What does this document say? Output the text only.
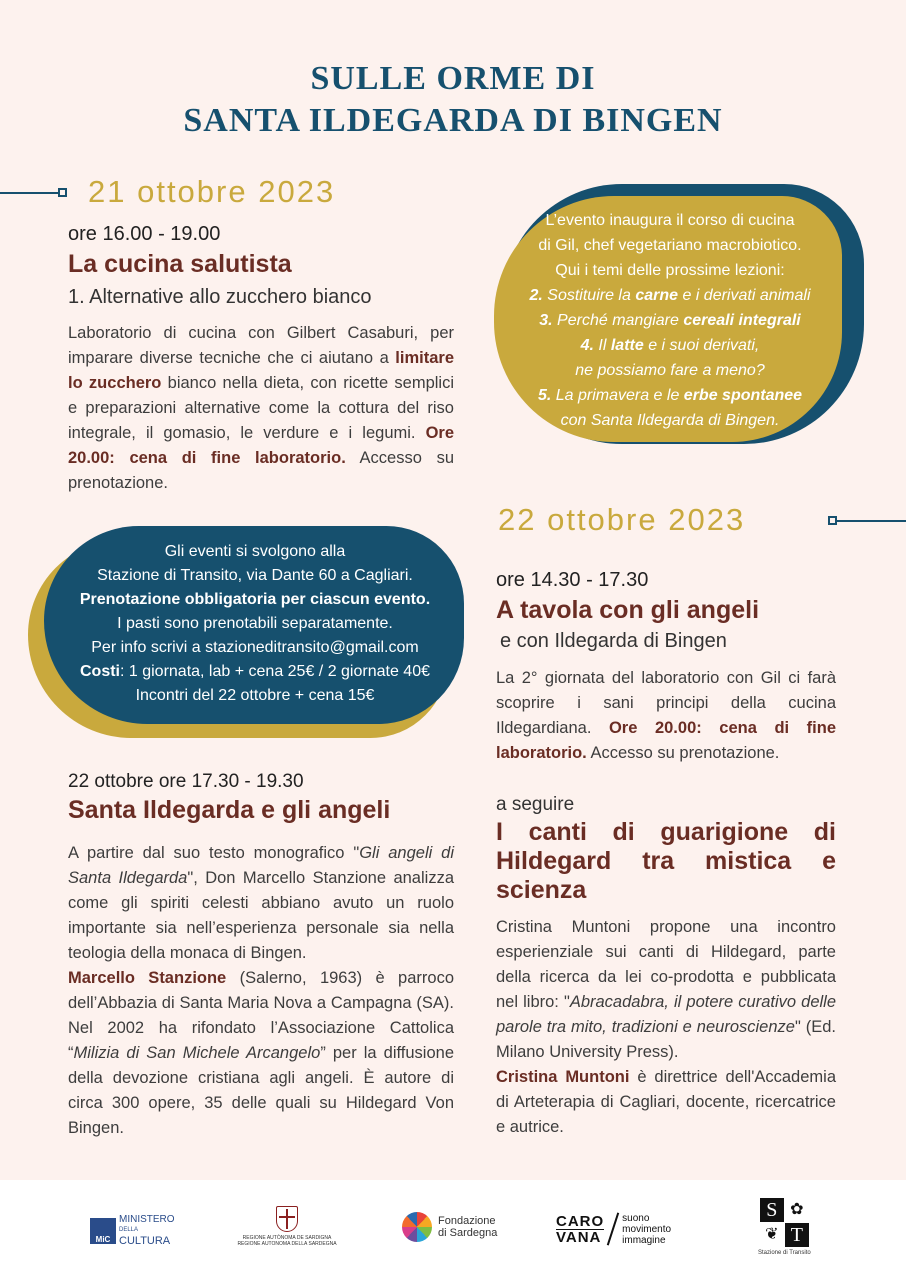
SULLE ORME DI
SANTA ILDEGARDA DI BINGEN
21 ottobre 2023
ore 16.00 - 19.00
La cucina salutista
1. Alternative allo zucchero bianco
Laboratorio di cucina con Gilbert Casaburi, per imparare diverse tecniche che ci aiutano a limitare lo zucchero bianco nella dieta, con ricette semplici e preparazioni alternative come la cottura del riso integrale, il gomasio, le verdure e i legumi. Ore 20.00: cena di fine laboratorio. Accesso su prenotazione.
L’evento inaugura il corso di cucina
di Gil, chef vegetariano macrobiotico.
Qui i temi delle prossime lezioni:
2. Sostituire la carne e i derivati animali
3. Perché mangiare cereali integrali
4. Il latte e i suoi derivati,
ne possiamo fare a meno?
5. La primavera e le erbe spontanee
con Santa Ildegarda di Bingen.
22 ottobre 2023
Gli eventi si svolgono alla
Stazione di Transito, via Dante 60 a Cagliari.
Prenotazione obbligatoria per ciascun evento.
I pasti sono prenotabili separatamente.
Per info scrivi a stazioneditransito@gmail.com
Costi: 1 giornata, lab + cena 25€ / 2 giornate 40€
Incontri del 22 ottobre + cena 15€
ore 14.30 - 17.30
A tavola con gli angeli
e con Ildegarda di Bingen
La 2° giornata del laboratorio con Gil ci farà scoprire i sani principi della cucina Ildegardiana. Ore 20.00: cena di fine laboratorio. Accesso su prenotazione.
22 ottobre ore 17.30 - 19.30
Santa Ildegarda e gli angeli
A partire dal suo testo monografico "Gli angeli di Santa Ildegarda", Don Marcello Stanzione analizza come gli spiriti celesti abbiano avuto un ruolo importante sia nell’esperienza personale sia nella teologia della monaca di Bingen.
Marcello Stanzione (Salerno, 1963) è parroco dell’Abbazia di Santa Maria Nova a Campagna (SA). Nel 2002 ha rifondato l’Associazione Cattolica “Milizia di San Michele Arcangelo” per la diffusione della devozione cristiana agli angeli. È autore di circa 300 opere, 35 delle quali su Hildegard Von Bingen.
a seguire
I canti di guarigione di Hildegard tra mistica e scienza
Cristina Muntoni propone una incontro esperienziale sui canti di Hildegard, parte della ricerca da lei co-prodotta e pubblicata nel libro: "Abracadabra, il potere curativo delle parole tra mito, tradizioni e neuroscienze" (Ed. Milano University Press).
Cristina Muntoni è direttrice dell'Accademia di Arteterapia di Cagliari, docente, ricercatrice e autrice.
MiC
MINISTERO
DELLA
CULTURA	REGIONE AUTÒNOMA DE SARDIGNA
REGIONE AUTONOMA DELLA SARDEGNA
Fondazione
di Sardegna
CARO
VANA
suono
movimento
immagine
S ✿
❦ T
Stazione di Transito
